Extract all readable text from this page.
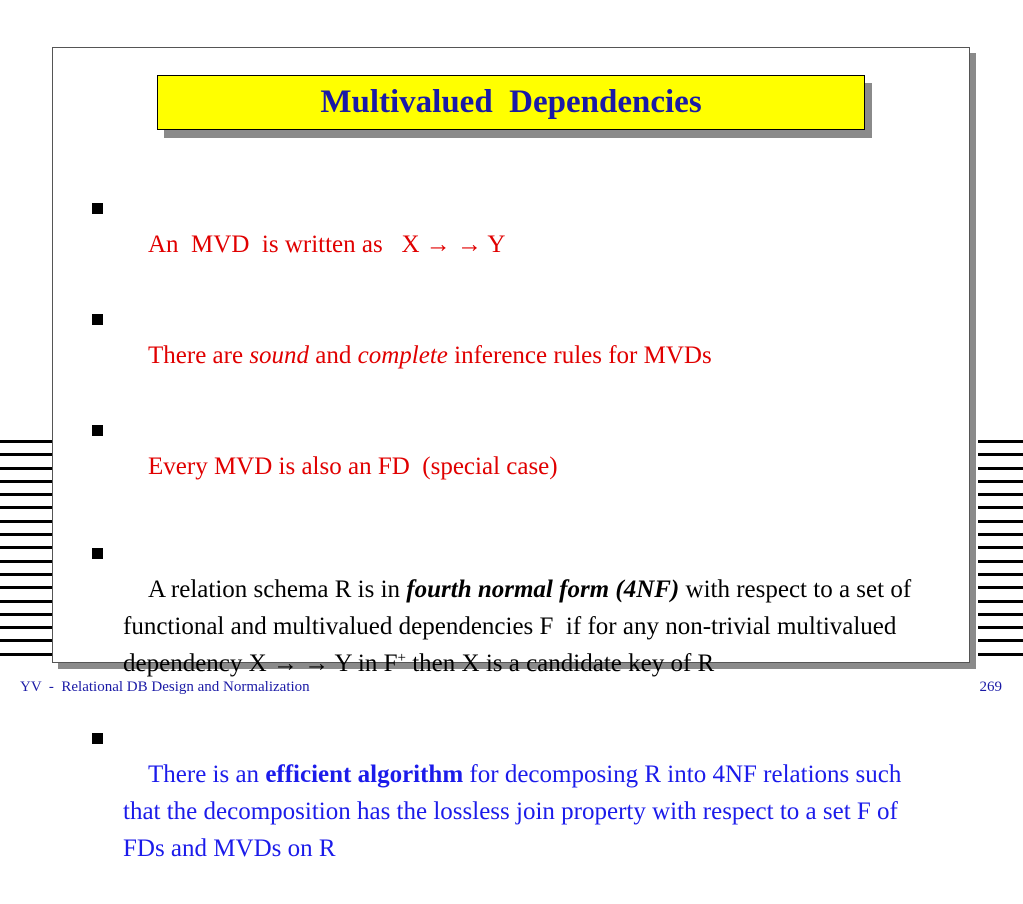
Multivalued  Dependencies

An  MVD  is written as   X → → Y

There are sound and complete inference rules for MVDs

Every MVD is also an FD  (special case)

A relation schema R is in fourth normal form (4NF) with respect to a set of functional and multivalued dependencies F  if for any non-trivial multivalued dependency X → → Y in F+ then X is a candidate key of R

There is an efficient algorithm for decomposing R into 4NF relations such that the decomposition has the lossless join property with respect to a set F of FDs and MVDs on R

YV  -  Relational DB Design and Normalization	269
